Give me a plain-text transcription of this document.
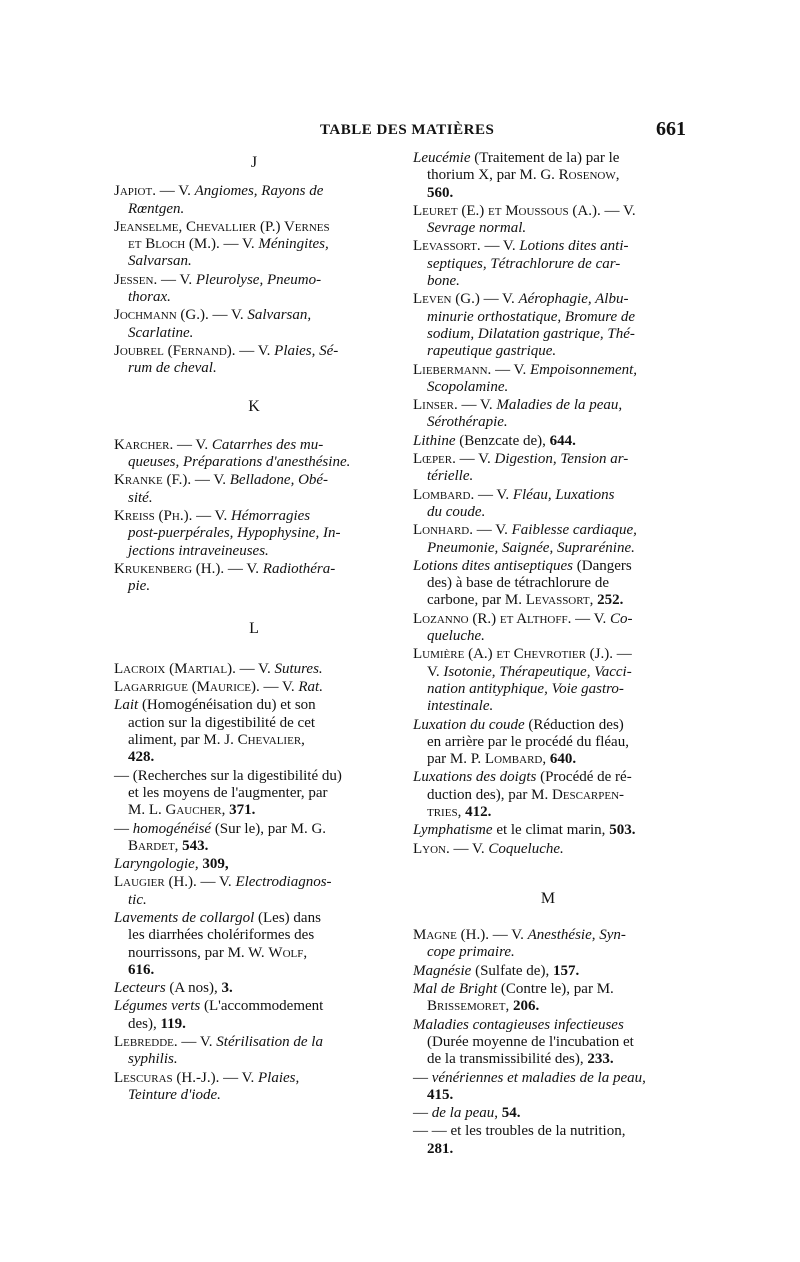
TABLE DES MATIÈRES	661
J
Japiot. — V. Angiomes, Rayons de
Rœntgen.
Jeanselme, Chevallier (P.) Vernes
et Bloch (M.). — V. Méningites,
Salvarsan.
Jessen. — V. Pleurolyse, Pneumo-
thorax.
Jochmann (G.). — V. Salvarsan,
Scarlatine.
Joubrel (Fernand). — V. Plaies, Sé-
rum de cheval.
K
Karcher. — V. Catarrhes des mu-
queuses, Préparations d'anesthésine.
Kranke (F.). — V. Belladone, Obé-
sité.
Kreiss (Ph.). — V. Hémorragies
post-puerpérales, Hypophysine, In-
jections intraveineuses.
Krukenberg (H.). — V. Radiothéra-
pie.
L
Lacroix (Martial). — V. Sutures.
Lagarrigue (Maurice). — V. Rat.
Lait (Homogénéisation du) et son
action sur la digestibilité de cet
aliment, par M. J. Chevalier,
428.
— (Recherches sur la digestibilité du)
et les moyens de l'augmenter, par
M. L. Gaucher, 371.
— homogénéisé (Sur le), par M. G.
Bardet, 543.
Laryngologie, 309,
Laugier (H.). — V. Electrodiagnos-
tic.
Lavements de collargol (Les) dans
les diarrhées cholériformes des
nourrissons, par M. W. Wolf,
616.
Lecteurs (A nos), 3.
Légumes verts (L'accommodement
des), 119.
Lebredde. — V. Stérilisation de la
syphilis.
Lescuras (H.-J.). — V. Plaies,
Teinture d'iode.
Leucémie (Traitement de la) par le
thorium X, par M. G. Rosenow,
560.
Leuret (E.) et Moussous (A.). — V.
Sevrage normal.
Levassort. — V. Lotions dites anti-
septiques, Tétrachlorure de car-
bone.
Leven (G.) — V. Aérophagie, Albu-
minurie orthostatique, Bromure de
sodium, Dilatation gastrique, Thé-
rapeutique gastrique.
Liebermann. — V. Empoisonnement,
Scopolamine.
Linser. — V. Maladies de la peau,
Sérothérapie.
Lithine (Benzcate de), 644.
Lœper. — V. Digestion, Tension ar-
térielle.
Lombard. — V. Fléau, Luxations
du coude.
Lonhard. — V. Faiblesse cardiaque,
Pneumonie, Saignée, Suprarénine.
Lotions dites antiseptiques (Dangers
des) à base de tétrachlorure de
carbone, par M. Levassort, 252.
Lozanno (R.) et Althoff. — V. Co-
queluche.
Lumière (A.) et Chevrotier (J.). —
V. Isotonie, Thérapeutique, Vacci-
nation antityphique, Voie gastro-
intestinale.
Luxation du coude (Réduction des)
en arrière par le procédé du fléau,
par M. P. Lombard, 640.
Luxations des doigts (Procédé de ré-
duction des), par M. Descarpen-
tries, 412.
Lymphatisme et le climat marin, 503.
Lyon. — V. Coqueluche.
M
Magne (H.). — V. Anesthésie, Syn-
cope primaire.
Magnésie (Sulfate de), 157.
Mal de Bright (Contre le), par M.
Brissemoret, 206.
Maladies contagieuses infectieuses
(Durée moyenne de l'incubation et
de la transmissibilité des), 233.
— vénériennes et maladies de la peau,
415.
— de la peau, 54.
— — et les troubles de la nutrition,
281.
